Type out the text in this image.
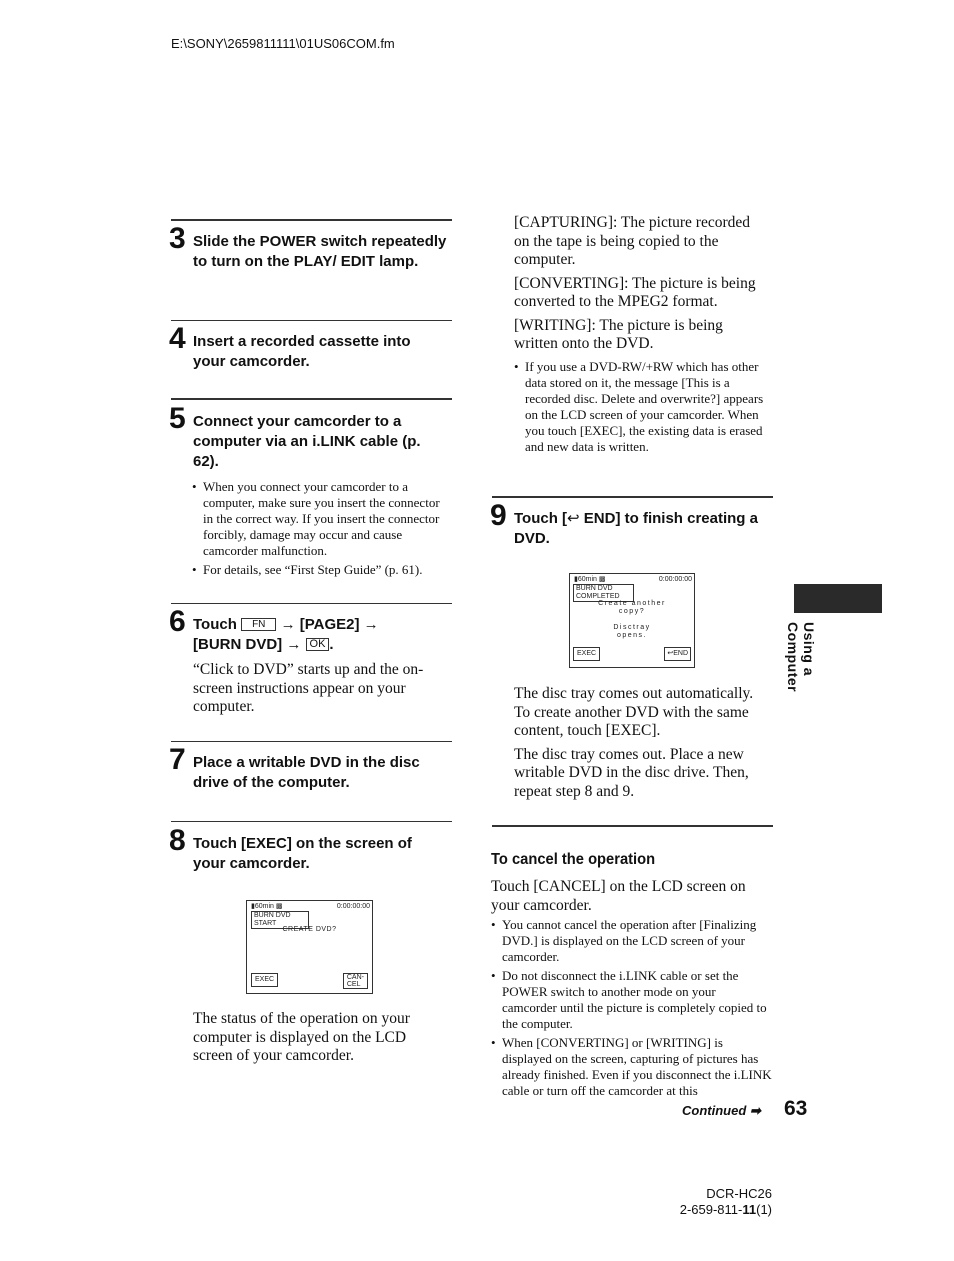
E:\SONY\2659811111\01US06COM.fm
3 Slide the POWER switch repeatedly to turn on the PLAY/ EDIT lamp.
4 Insert a recorded cassette into your camcorder.
5 Connect your camcorder to a computer via an i.LINK cable (p. 62).
• When you connect your camcorder to a computer, make sure you insert the connector in the correct way. If you insert the connector forcibly, damage may occur and cause camcorder malfunction.
• For details, see “First Step Guide” (p. 61).
6 Touch FN → [PAGE2] →
[BURN DVD] → OK .
“Click to DVD” starts up and the on-screen instructions appear on your computer.
7 Place a writable DVD in the disc drive of the computer.
8 Touch [EXEC] on the screen of your camcorder.
▮60min ▩	0:00:00:00
BURN DVD
START
CREATE DVD?
EXEC	CAN-
CEL
The status of the operation on your computer is displayed on the LCD screen of your camcorder.

[CAPTURING]: The picture recorded on the tape is being copied to the computer.

[CONVERTING]: The picture is being converted to the MPEG2 format.

[WRITING]: The picture is being written onto the DVD.

• If you use a DVD-RW/+RW which has other data stored on it, the message [This is a recorded disc. Delete and overwrite?] appears on the LCD screen of your camcorder. When you touch [EXEC], the existing data is erased and new data is written.
9 Touch [↩ END] to finish creating a DVD.
▮60min ▩	0:00:00:00
BURN DVD
COMPLETED
Create another
copy?
Disctray
opens.
EXEC	↩END

The disc tray comes out automatically. To create another DVD with the same content, touch [EXEC].

The disc tray comes out. Place a new writable DVD in the disc drive. Then, repeat step 8 and 9.

To cancel the operation
Touch [CANCEL] on the LCD screen on your camcorder.
• You cannot cancel the operation after [Finalizing DVD.] is displayed on the LCD screen of your camcorder.
• Do not disconnect the i.LINK cable or set the POWER switch to another mode on your camcorder until the picture is completely copied to the computer.
• When [CONVERTING] or [WRITING] is displayed on the screen, capturing of pictures has already finished. Even if you disconnect the i.LINK cable or turn off the camcorder at this
Using a Computer
Continued ➡ 63
DCR-HC26
2-659-811-11(1)
